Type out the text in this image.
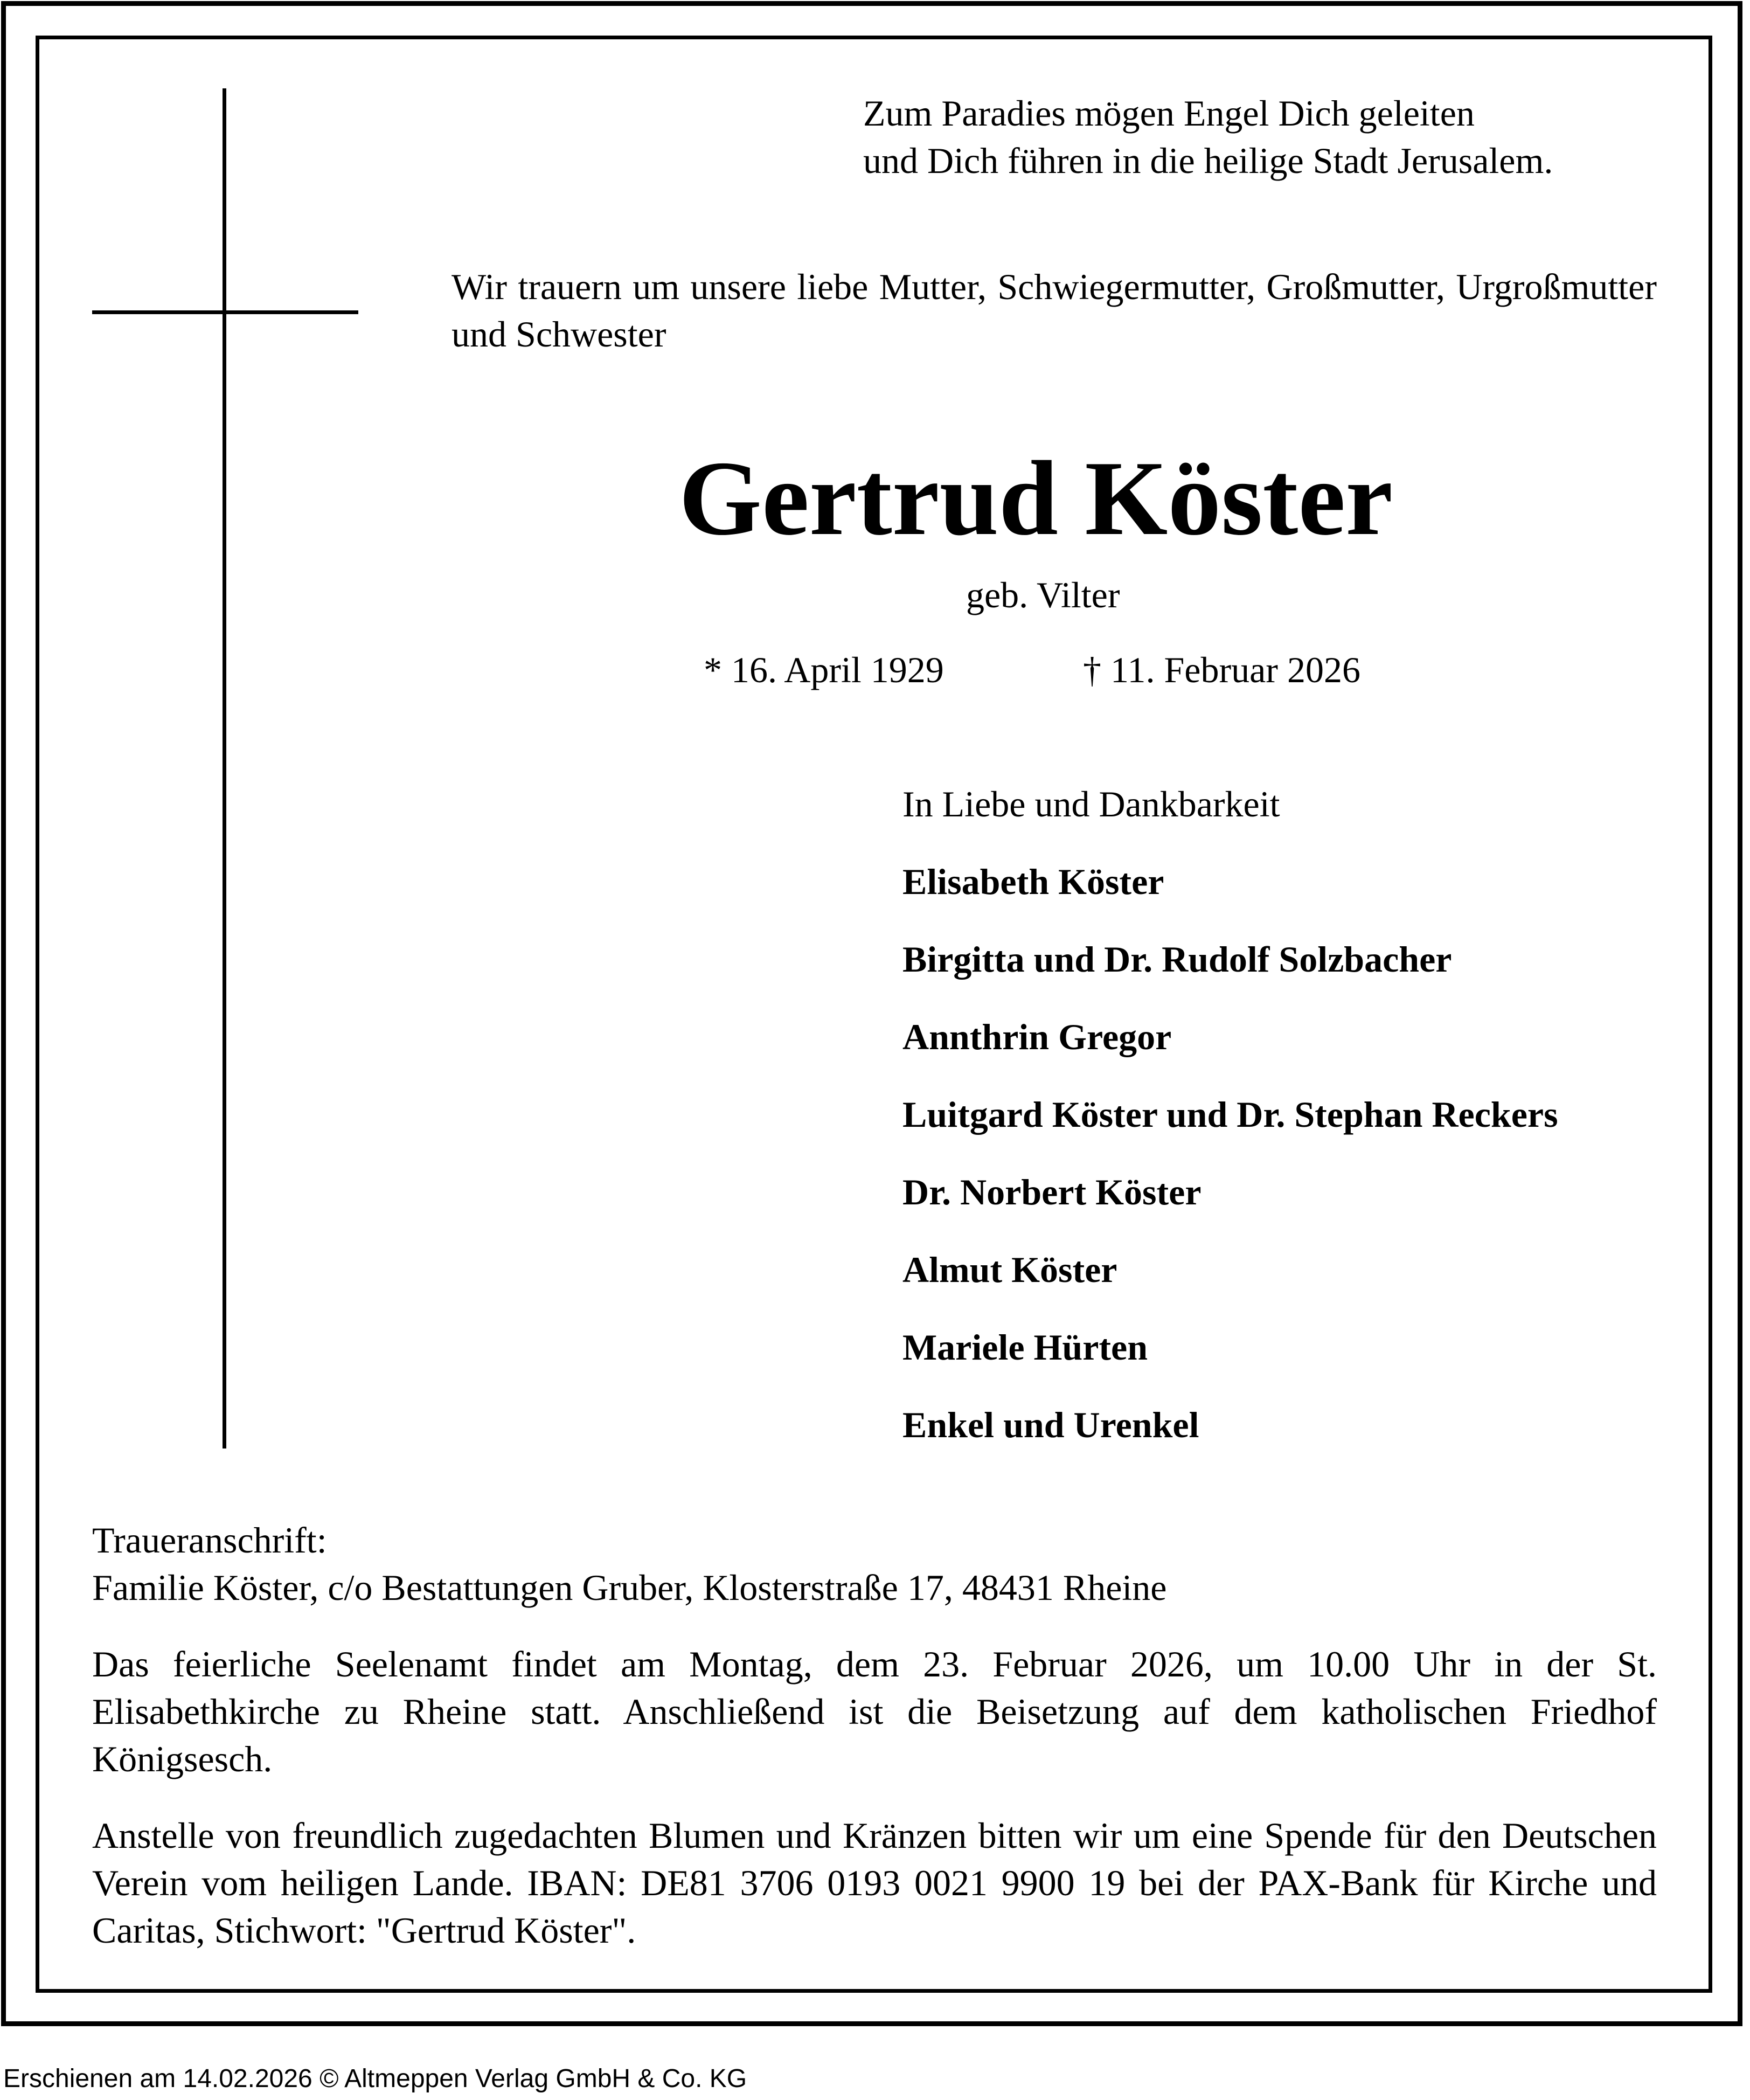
Zum Paradies mögen Engel Dich geleiten
und Dich führen in die heilige Stadt Jerusalem.
Wir trauern um unsere liebe Mutter, Schwiegermutter, Großmutter, Urgroßmutter und Schwester
Gertrud Köster
geb. Vilter
* 16. April 1929	† 11. Februar 2026
In Liebe und Dankbarkeit
Elisabeth Köster
Birgitta und Dr. Rudolf Solzbacher
Annthrin Gregor
Luitgard Köster und Dr. Stephan Reckers
Dr. Norbert Köster
Almut Köster
Mariele Hürten
Enkel und Urenkel
Traueranschrift:
Familie Köster, c/o Bestattungen Gruber, Klosterstraße 17, 48431 Rheine
Das feierliche Seelenamt findet am Montag, dem 23. Februar 2026, um 10.00 Uhr in der St. Elisabethkirche zu Rheine statt. Anschließend ist die Beisetzung auf dem katholischen Friedhof Königsesch.
Anstelle von freundlich zugedachten Blumen und Kränzen bitten wir um eine Spende für den Deutschen Verein vom heiligen Lande. IBAN: DE81 3706 0193 0021 9900 19 bei der PAX-Bank für Kirche und Caritas, Stichwort: "Gertrud Köster".
Erschienen am 14.02.2026 © Altmeppen Verlag GmbH & Co. KG
